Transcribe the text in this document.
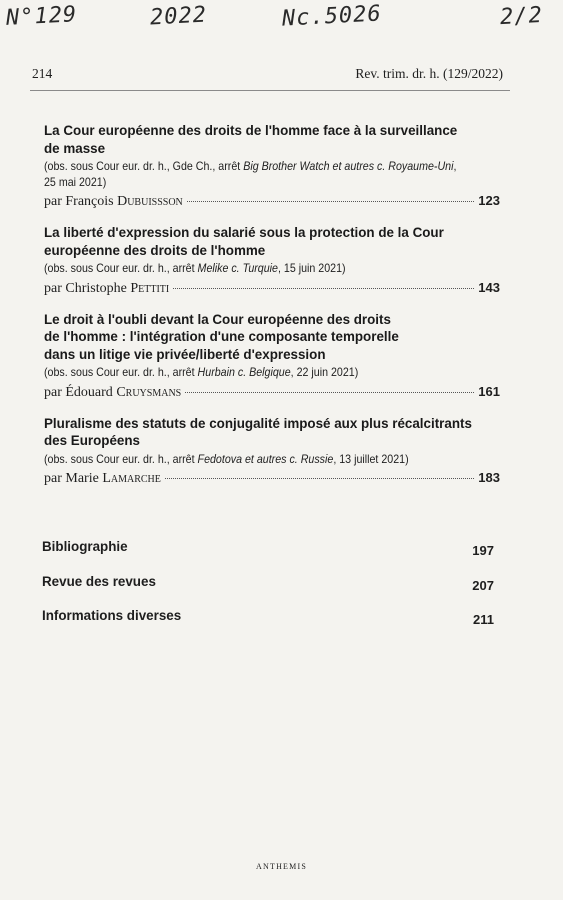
N°129	2022	Nc.5026	2/2
214	Rev. trim. dr. h. (129/2022)
La Cour européenne des droits de l'homme face à la surveillance
de masse
(obs. sous Cour eur. dr. h., Gde Ch., arrêt Big Brother Watch et autres c. Royaume-Uni,
25 mai 2021)
par François Dubuissson	123
La liberté d'expression du salarié sous la protection de la Cour
européenne des droits de l'homme
(obs. sous Cour eur. dr. h., arrêt Melike c. Turquie, 15 juin 2021)
par Christophe Pettiti	143
Le droit à l'oubli devant la Cour européenne des droits
de l'homme : l'intégration d'une composante temporelle
dans un litige vie privée/liberté d'expression
(obs. sous Cour eur. dr. h., arrêt Hurbain c. Belgique, 22 juin 2021)
par Édouard Cruysmans	161
Pluralisme des statuts de conjugalité imposé aux plus récalcitrants
des Européens
(obs. sous Cour eur. dr. h., arrêt Fedotova et autres c. Russie, 13 juillet 2021)
par Marie Lamarche	183
Bibliographie	197
Revue des revues	207
Informations diverses	211
ANTHEMIS
